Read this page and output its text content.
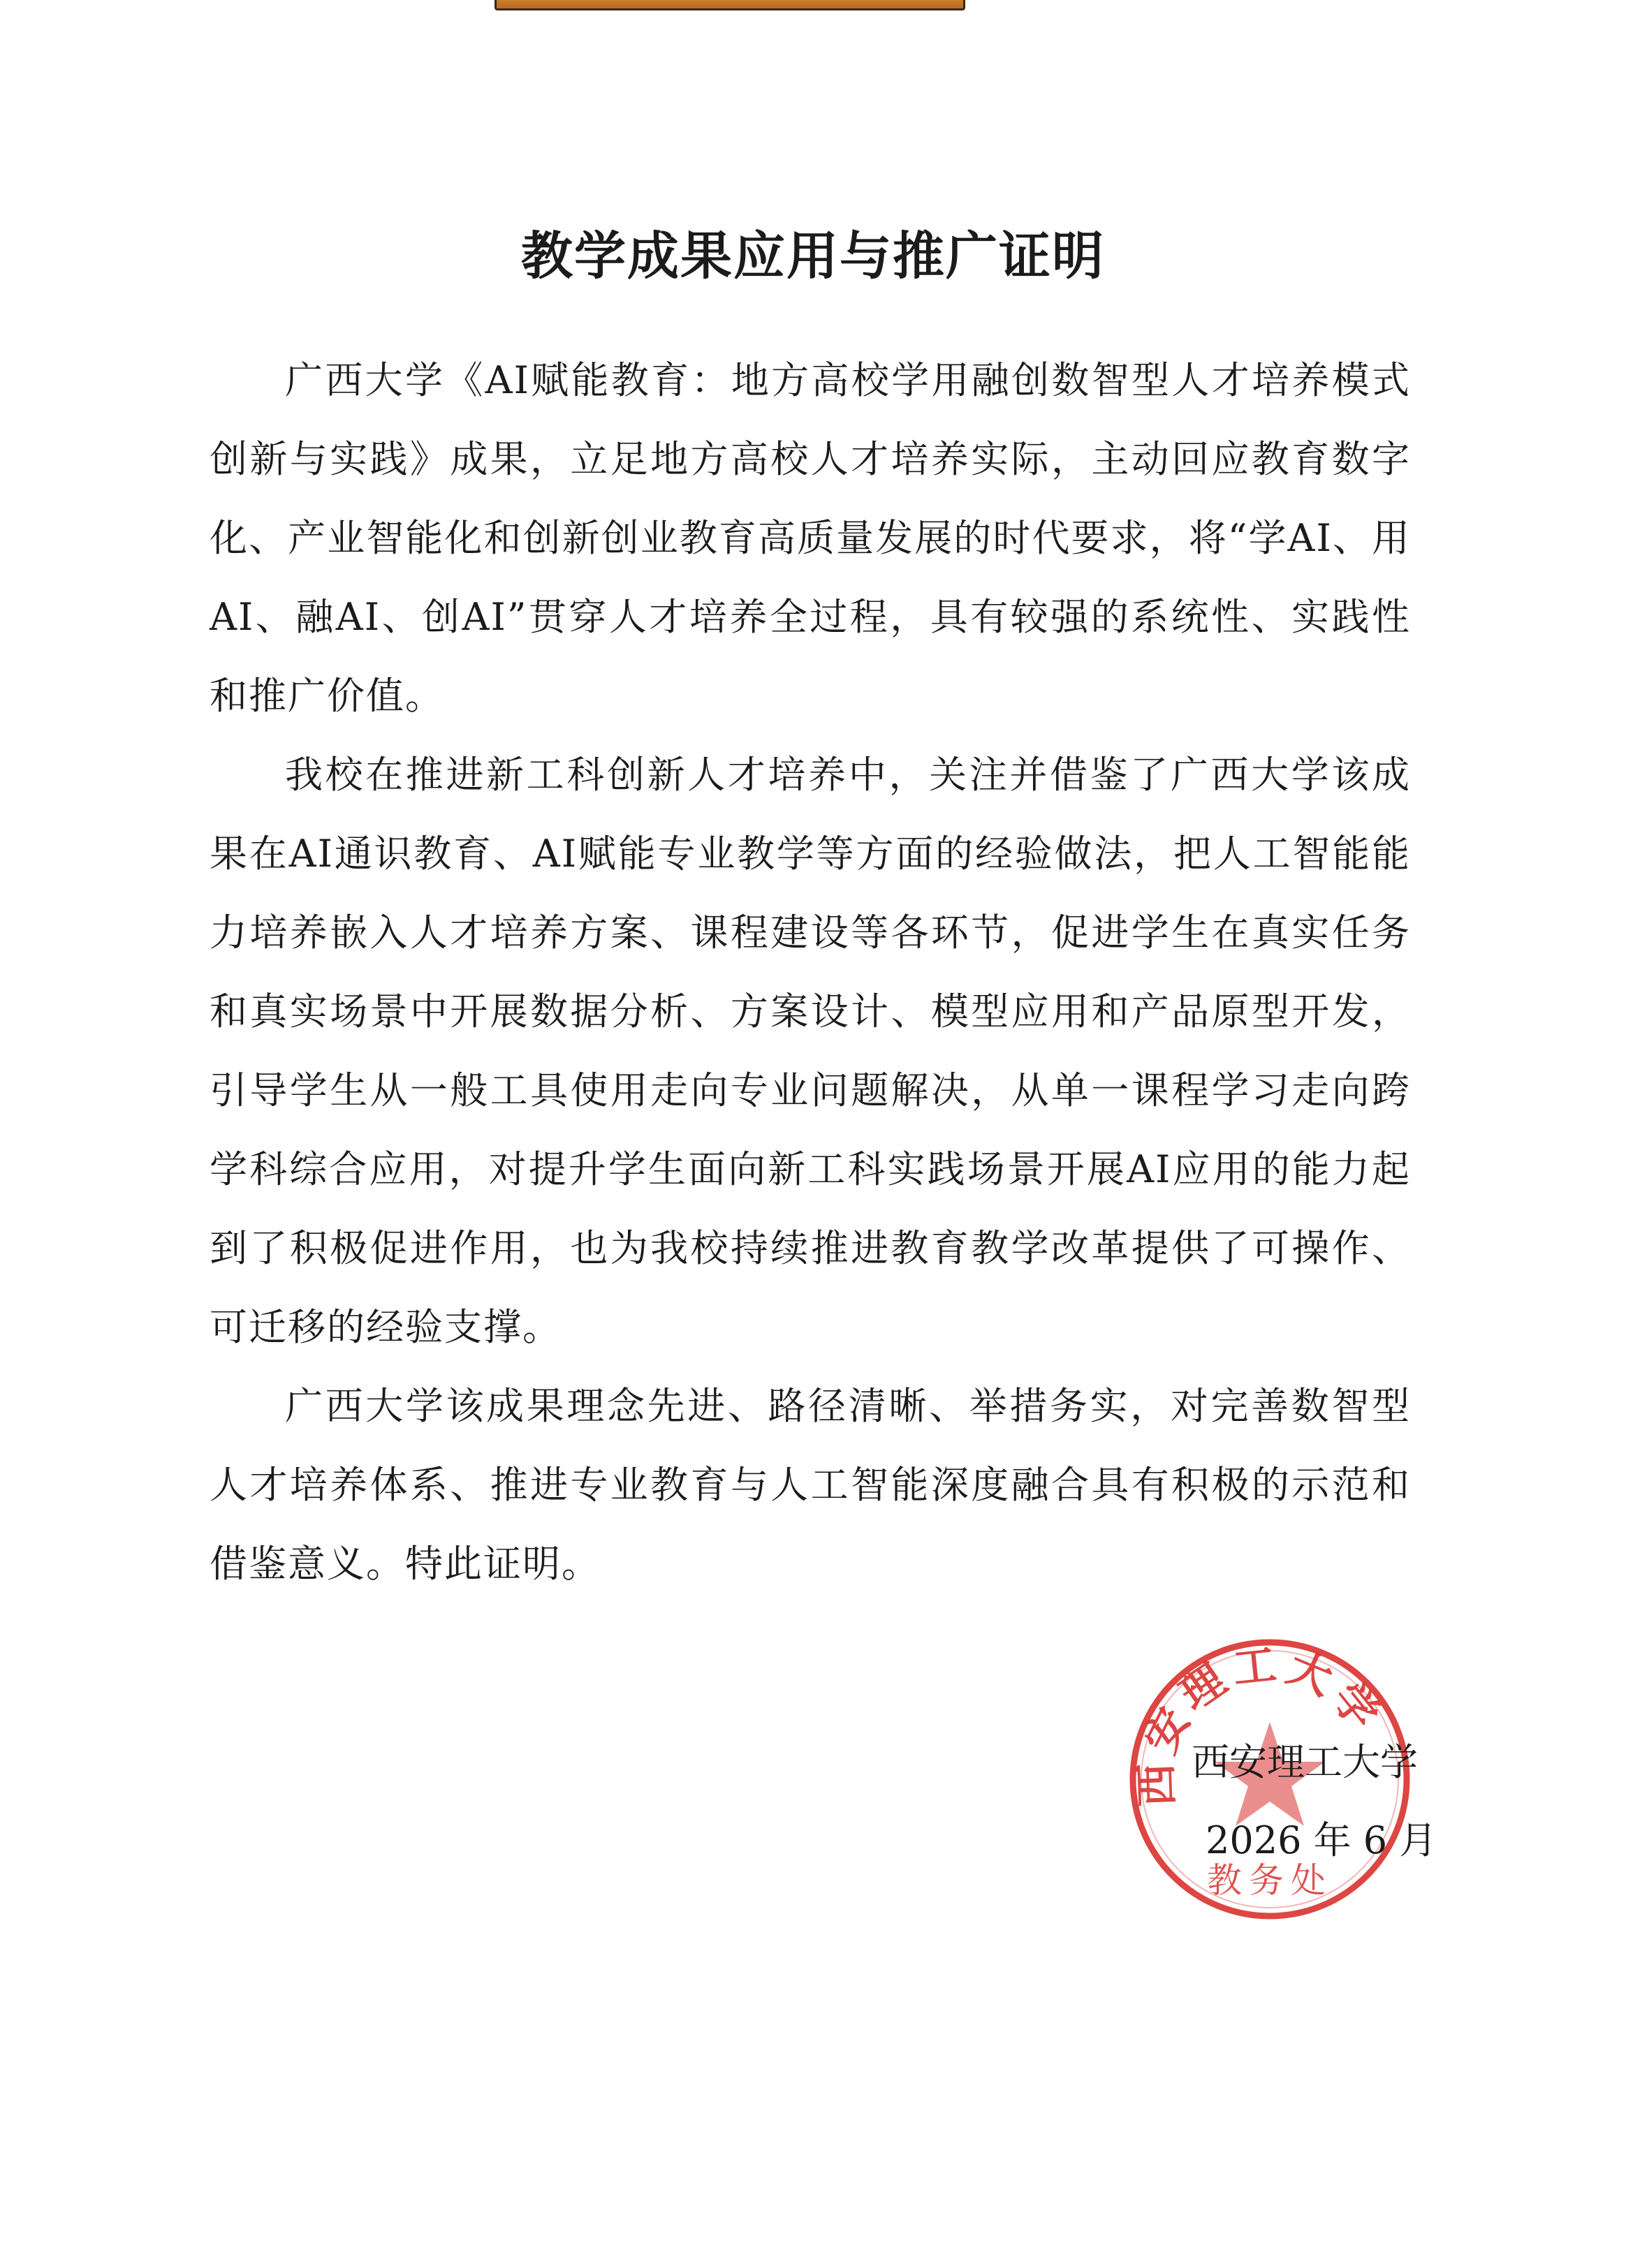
教学成果应用与推广证明

广西大学《AI赋能教育：地方高校学用融创数智型人才培养模式创新与实践》成果，立足地方高校人才培养实际，主动回应教育数字化、产业智能化和创新创业教育高质量发展的时代要求，将“学AI、用AI、融AI、创AI”贯穿人才培养全过程，具有较强的系统性、实践性和推广价值。

我校在推进新工科创新人才培养中，关注并借鉴了广西大学该成果在AI通识教育、AI赋能专业教学等方面的经验做法，把人工智能能力培养嵌入人才培养方案、课程建设等各环节，促进学生在真实任务和真实场景中开展数据分析、方案设计、模型应用和产品原型开发，引导学生从一般工具使用走向专业问题解决，从单一课程学习走向跨学科综合应用，对提升学生面向新工科实践场景开展AI应用的能力起到了积极促进作用，也为我校持续推进教育教学改革提供了可操作、可迁移的经验支撑。

广西大学该成果理念先进、路径清晰、举措务实，对完善数智型人才培养体系、推进专业教育与人工智能深度融合具有积极的示范和借鉴意义。特此证明。

西安理工大学
教务处
西安理工大学
2026 年 6 月
